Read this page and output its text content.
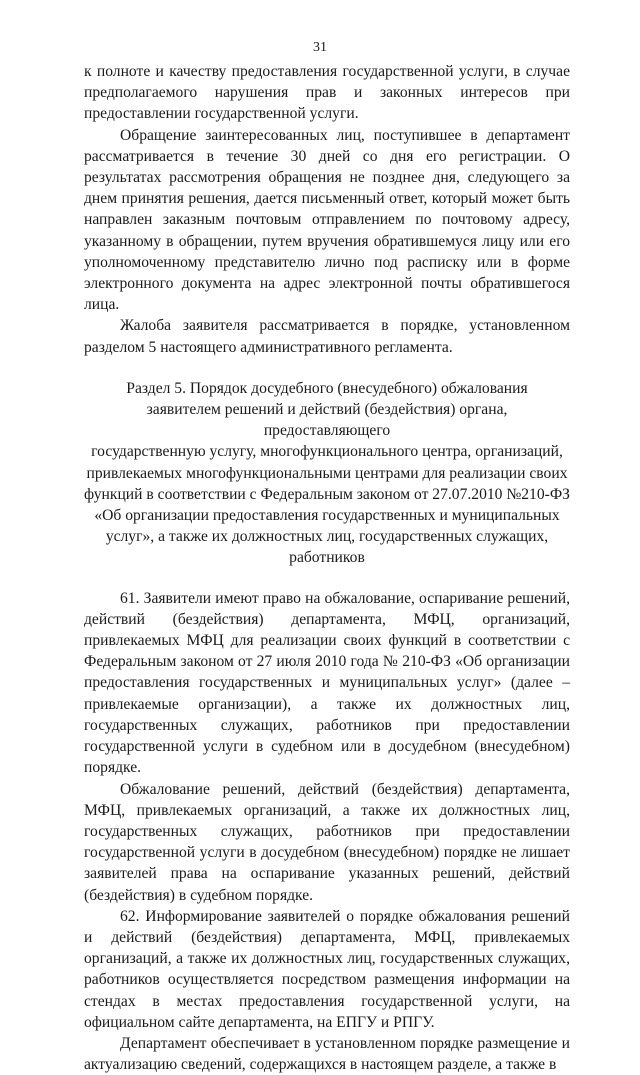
31

к полноте и качеству предоставления государственной услуги, в случае предполагаемого нарушения прав и законных интересов при предоставлении государственной услуги.

Обращение заинтересованных лиц, поступившее в департамент рассматривается в течение 30 дней со дня его регистрации. О результатах рассмотрения обращения не позднее дня, следующего за днем принятия решения, дается письменный ответ, который может быть направлен заказным почтовым отправлением по почтовому адресу, указанному в обращении, путем вручения обратившемуся лицу или его уполномоченному представителю лично под расписку или в форме электронного документа на адрес электронной почты обратившегося лица.

Жалоба заявителя рассматривается в порядке, установленном разделом 5 настоящего административного регламента.

Раздел 5. Порядок досудебного (внесудебного) обжалования
заявителем решений и действий (бездействия) органа, предоставляющего
государственную услугу, многофункционального центра, организаций,
привлекаемых многофункциональными центрами для реализации своих
функций в соответствии с Федеральным законом от 27.07.2010 №210-ФЗ
«Об организации предоставления государственных и муниципальных
услуг», а также их должностных лиц, государственных служащих,
работников

61. Заявители имеют право на обжалование, оспаривание решений, действий (бездействия) департамента, МФЦ, организаций, привлекаемых МФЦ для реализации своих функций в соответствии с Федеральным законом от 27 июля 2010 года № 210-ФЗ «Об организации предоставления государственных и муниципальных услуг» (далее – привлекаемые организации), а также их должностных лиц, государственных служащих, работников при предоставлении государственной услуги в судебном или в досудебном (внесудебном) порядке.

Обжалование решений, действий (бездействия) департамента, МФЦ, привлекаемых организаций, а также их должностных лиц, государственных служащих, работников при предоставлении государственной услуги в досудебном (внесудебном) порядке не лишает заявителей права на оспаривание указанных решений, действий (бездействия) в судебном порядке.

62. Информирование заявителей о порядке обжалования решений и действий (бездействия) департамента, МФЦ, привлекаемых организаций, а также их должностных лиц, государственных служащих, работников осуществляется посредством размещения информации на стендах в местах предоставления государственной услуги, на официальном сайте департамента, на ЕПГУ и РПГУ.

Департамент обеспечивает в установленном порядке размещение и актуализацию сведений, содержащихся в настоящем разделе, а также в
